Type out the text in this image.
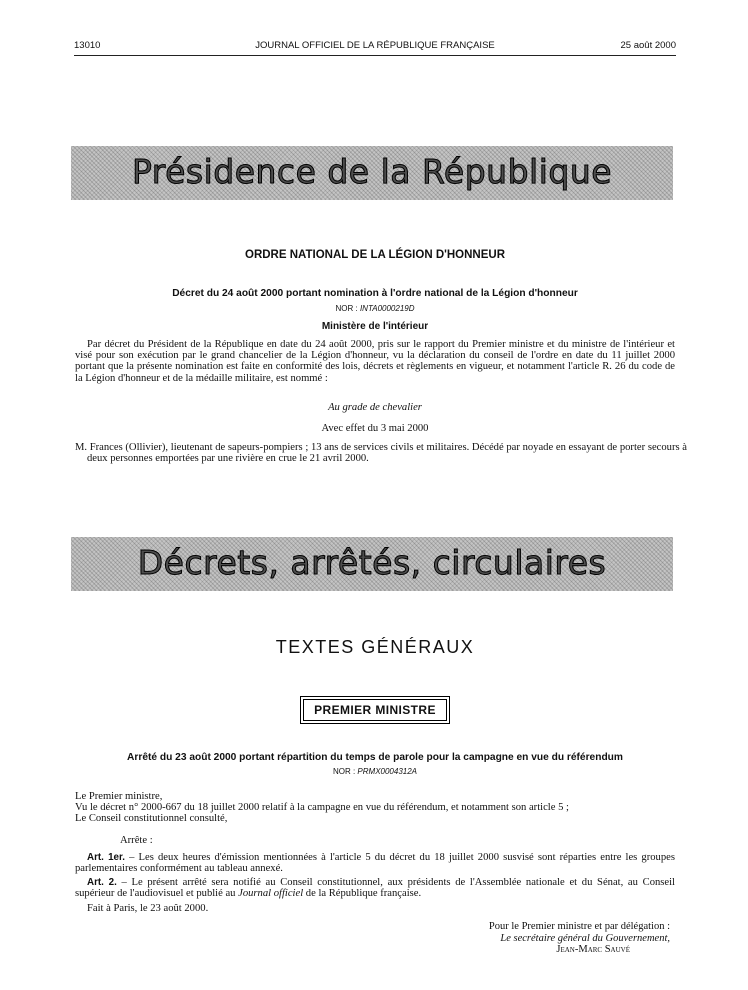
13010	JOURNAL OFFICIEL DE LA RÉPUBLIQUE FRANÇAISE	25 août 2000
Présidence de la République
ORDRE NATIONAL DE LA LÉGION D'HONNEUR
Décret du 24 août 2000 portant nomination à l'ordre national de la Légion d'honneur
NOR : INTA0000219D
Ministère de l'intérieur
Par décret du Président de la République en date du 24 août 2000, pris sur le rapport du Premier ministre et du ministre de l'intérieur et visé pour son exécution par le grand chancelier de la Légion d'honneur, vu la déclaration du conseil de l'ordre en date du 11 juillet 2000 portant que la présente nomination est faite en conformité des lois, décrets et règlements en vigueur, et notamment l'article R. 26 du code de la Légion d'honneur et de la médaille militaire, est nommé :
Au grade de chevalier
Avec effet du 3 mai 2000
M. Frances (Ollivier), lieutenant de sapeurs-pompiers ; 13 ans de services civils et militaires. Décédé par noyade en essayant de porter secours à deux personnes emportées par une rivière en crue le 21 avril 2000.
Décrets, arrêtés, circulaires
TEXTES GÉNÉRAUX
PREMIER MINISTRE
Arrêté du 23 août 2000 portant répartition du temps de parole pour la campagne en vue du référendum
NOR : PRMX0004312A
Le Premier ministre,
Vu le décret n° 2000-667 du 18 juillet 2000 relatif à la campagne en vue du référendum, et notamment son article 5 ;
Le Conseil constitutionnel consulté,
Arrête :
Art. 1er. – Les deux heures d'émission mentionnées à l'article 5 du décret du 18 juillet 2000 susvisé sont réparties entre les groupes parlementaires conformément au tableau annexé.
Art. 2. – Le présent arrêté sera notifié au Conseil constitutionnel, aux présidents de l'Assemblée nationale et du Sénat, au Conseil supérieur de l'audiovisuel et publié au Journal officiel de la République française.
Fait à Paris, le 23 août 2000.
Pour le Premier ministre et par délégation :
Le secrétaire général du Gouvernement,
Jean-Marc Sauvé
